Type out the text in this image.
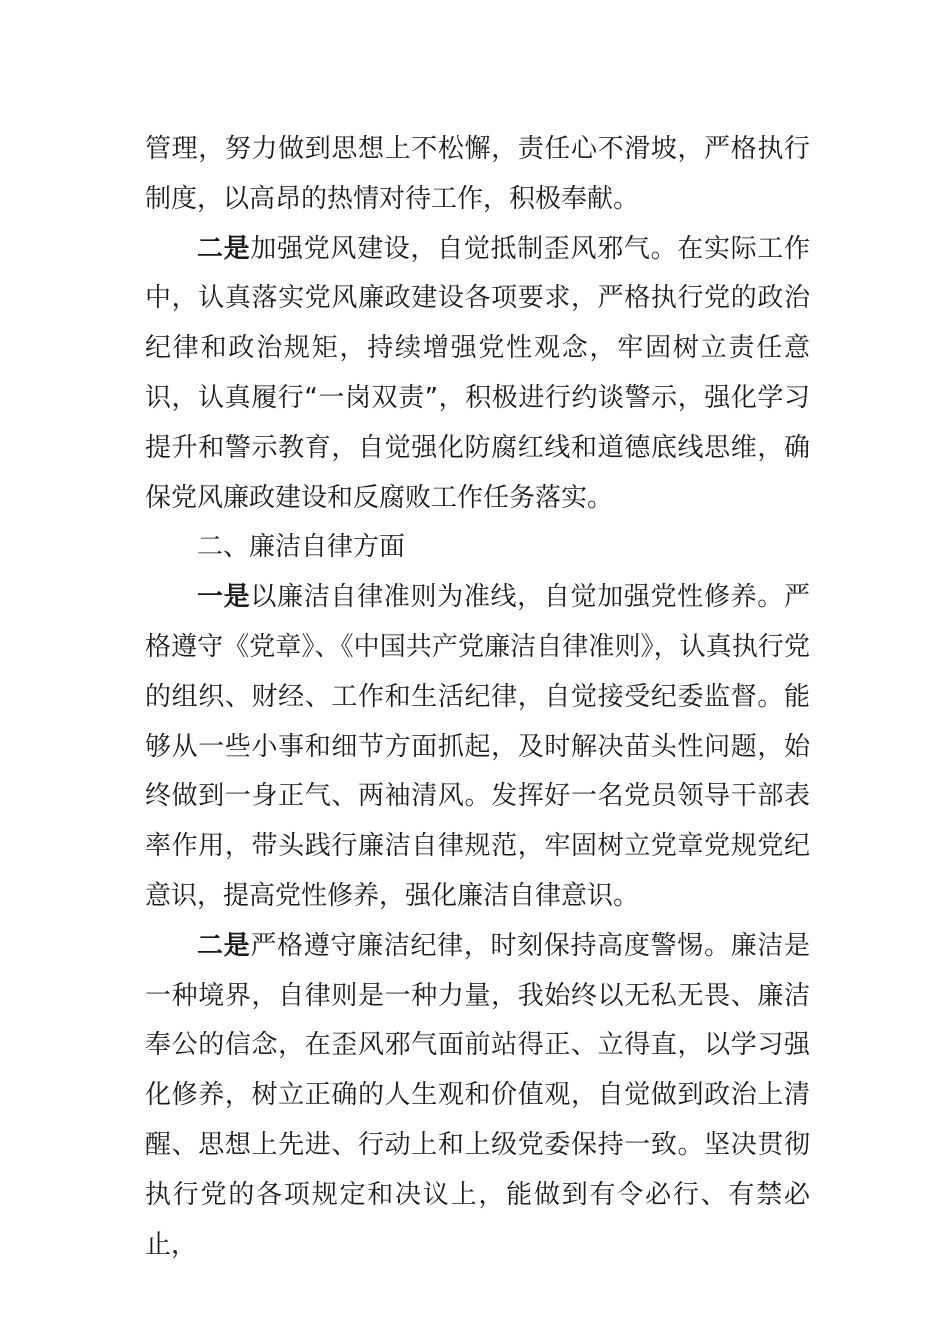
管理，努力做到思想上不松懈，责任心不滑坡，严格执行制度，以高昂的热情对待工作，积极奉献。

二是加强党风建设，自觉抵制歪风邪气。在实际工作中，认真落实党风廉政建设各项要求，严格执行党的政治纪律和政治规矩，持续增强党性观念，牢固树立责任意识，认真履行“一岗双责”，积极进行约谈警示，强化学习提升和警示教育，自觉强化防腐红线和道德底线思维，确保党风廉政建设和反腐败工作任务落实。

二、廉洁自律方面

一是以廉洁自律准则为准线，自觉加强党性修养。严格遵守《党章》、《中国共产党廉洁自律准则》，认真执行党的组织、财经、工作和生活纪律，自觉接受纪委监督。能够从一些小事和细节方面抓起，及时解决苗头性问题，始终做到一身正气、两袖清风。发挥好一名党员领导干部表率作用，带头践行廉洁自律规范，牢固树立党章党规党纪意识，提高党性修养，强化廉洁自律意识。

二是严格遵守廉洁纪律，时刻保持高度警惕。廉洁是一种境界，自律则是一种力量，我始终以无私无畏、廉洁奉公的信念，在歪风邪气面前站得正、立得直，以学习强化修养，树立正确的人生观和价值观，自觉做到政治上清醒、思想上先进、行动上和上级党委保持一致。坚决贯彻执行党的各项规定和决议上，能做到有令必行、有禁必止，
